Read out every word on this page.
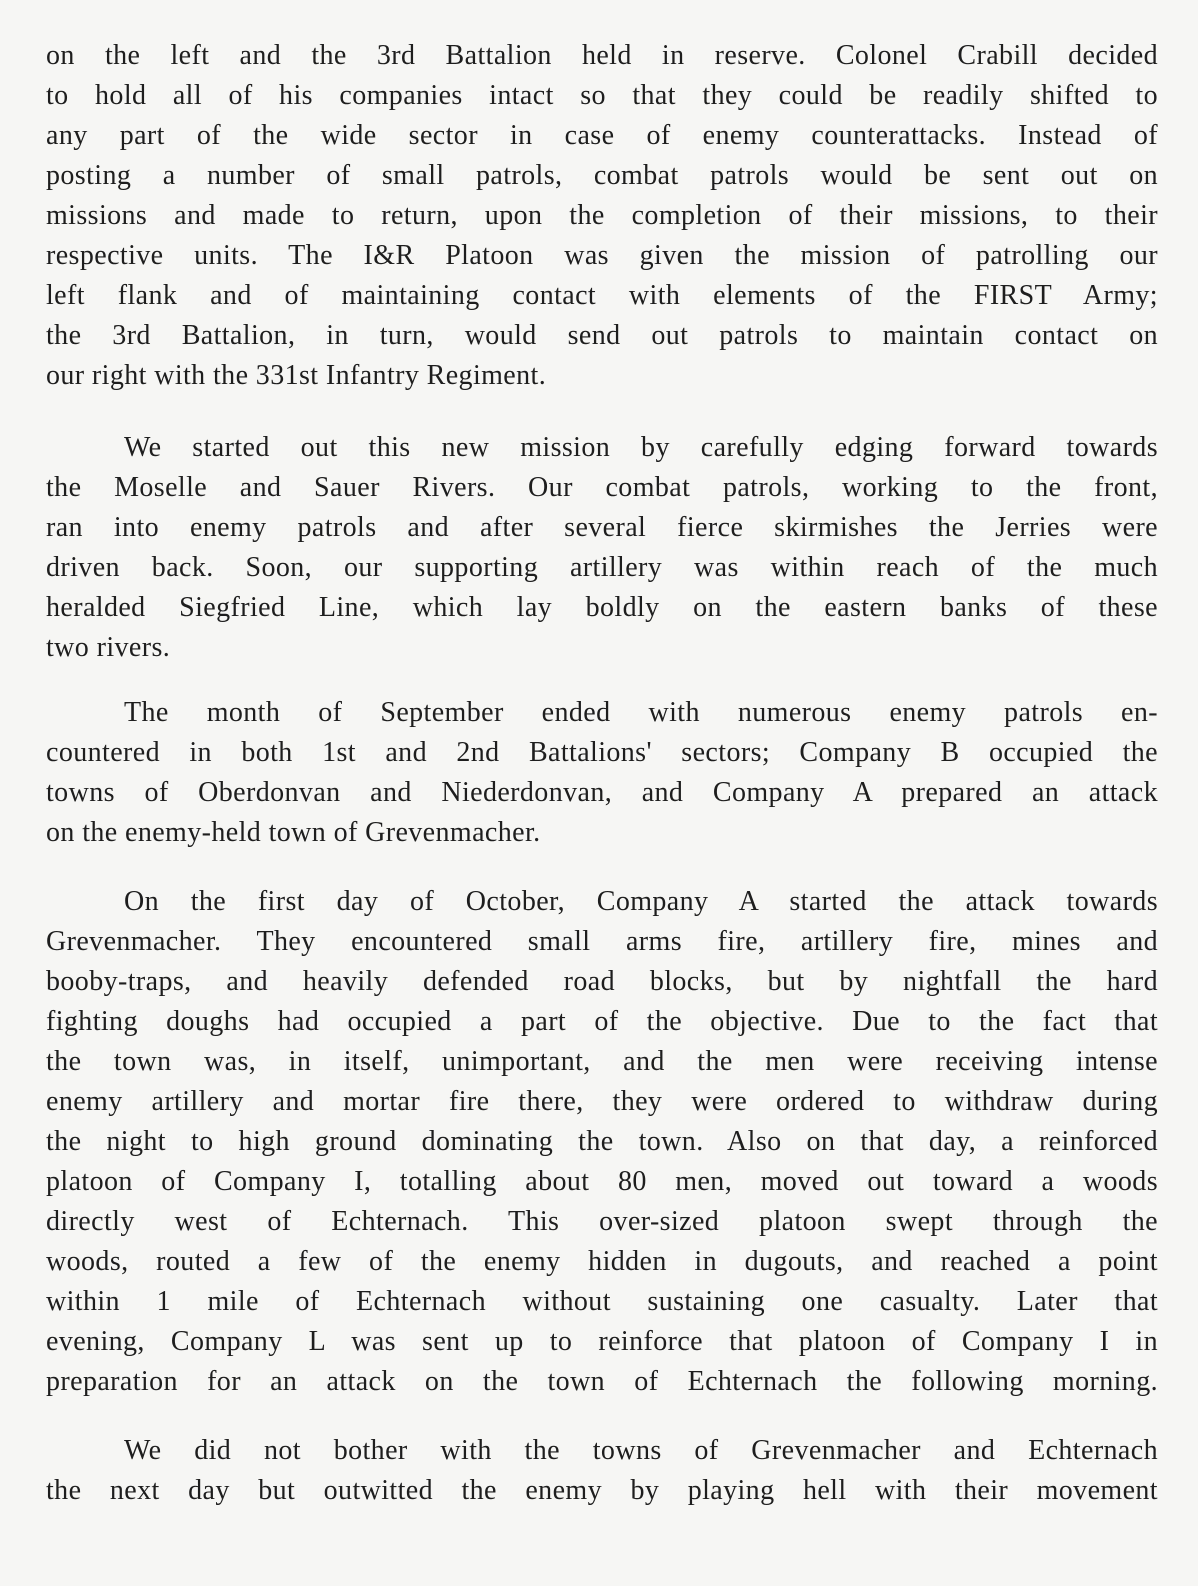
on the left and the 3rd Battalion held in reserve. Colonel Crabill decided
to hold all of his companies intact so that they could be readily shifted to
any part of the wide sector in case of enemy counterattacks. Instead of
posting a number of small patrols, combat patrols would be sent out on
missions and made to return, upon the completion of their missions, to their
respective units. The I&R Platoon was given the mission of patrolling our
left flank and of maintaining contact with elements of the FIRST Army;
the 3rd Battalion, in turn, would send out patrols to maintain contact on
our right with the 331st Infantry Regiment.
We started out this new mission by carefully edging forward towards
the Moselle and Sauer Rivers. Our combat patrols, working to the front,
ran into enemy patrols and after several fierce skirmishes the Jerries were
driven back. Soon, our supporting artillery was within reach of the much
heralded Siegfried Line, which lay boldly on the eastern banks of these
two rivers.
The month of September ended with numerous enemy patrols en-
countered in both 1st and 2nd Battalions' sectors; Company B occupied the
towns of Oberdonvan and Niederdonvan, and Company A prepared an attack
on the enemy-held town of Grevenmacher.
On the first day of October, Company A started the attack towards
Grevenmacher. They encountered small arms fire, artillery fire, mines and
booby-traps, and heavily defended road blocks, but by nightfall the hard
fighting doughs had occupied a part of the objective. Due to the fact that
the town was, in itself, unimportant, and the men were receiving intense
enemy artillery and mortar fire there, they were ordered to withdraw during
the night to high ground dominating the town. Also on that day, a reinforced
platoon of Company I, totalling about 80 men, moved out toward a woods
directly west of Echternach. This over-sized platoon swept through the
woods, routed a few of the enemy hidden in dugouts, and reached a point
within 1 mile of Echternach without sustaining one casualty. Later that
evening, Company L was sent up to reinforce that platoon of Company I in
preparation for an attack on the town of Echternach the following morning.
We did not bother with the towns of Grevenmacher and Echternach
the next day but outwitted the enemy by playing hell with their movement
